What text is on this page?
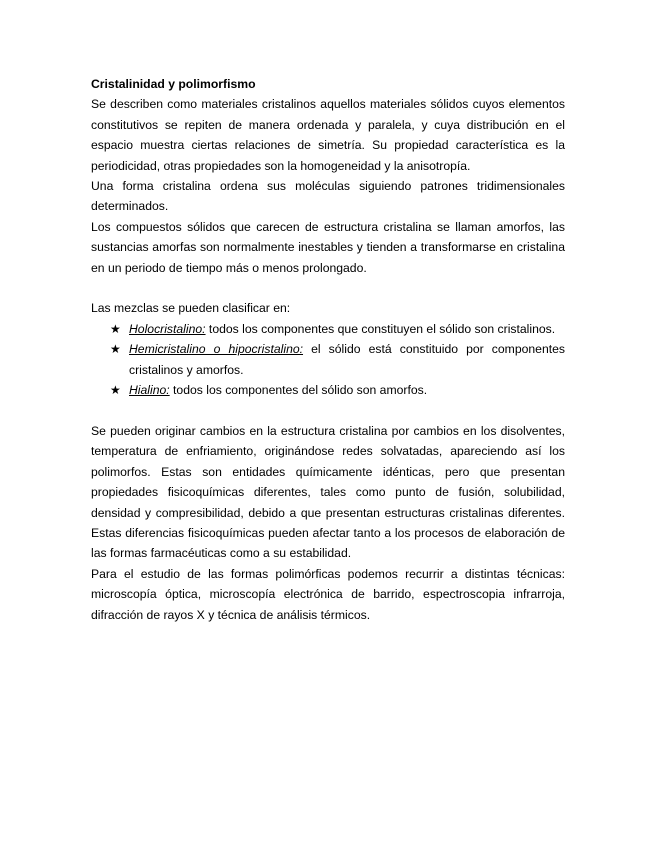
Cristalinidad y polimorfismo

Se describen como materiales cristalinos aquellos materiales sólidos cuyos elementos constitutivos se repiten de manera ordenada y paralela, y cuya distribución en el espacio muestra ciertas relaciones de simetría. Su propiedad característica es la periodicidad, otras propiedades son la homogeneidad y la anisotropía.

Una forma cristalina ordena sus moléculas siguiendo patrones tridimensionales determinados.

Los compuestos sólidos que carecen de estructura cristalina se llaman amorfos, las sustancias amorfas son normalmente inestables y tienden a transformarse en cristalina en un periodo de tiempo más o menos prolongado.

Las mezclas se pueden clasificar en:

★ Holocristalino: todos los componentes que constituyen el sólido son cristalinos.
★ Hemicristalino o hipocristalino: el sólido está constituido por componentes cristalinos y amorfos.
★ Hialino: todos los componentes del sólido son amorfos.

Se pueden originar cambios en la estructura cristalina por cambios en los disolventes, temperatura de enfriamiento, originándose redes solvatadas, apareciendo así los polimorfos. Estas son entidades químicamente idénticas, pero que presentan propiedades fisicoquímicas diferentes, tales como punto de fusión, solubilidad, densidad y compresibilidad, debido a que presentan estructuras cristalinas diferentes. Estas diferencias fisicoquímicas pueden afectar tanto a los procesos de elaboración de las formas farmacéuticas como a su estabilidad.

Para el estudio de las formas polimórficas podemos recurrir a distintas técnicas: microscopía óptica, microscopía electrónica de barrido, espectroscopia infrarroja, difracción de rayos X y técnica de análisis térmicos.
